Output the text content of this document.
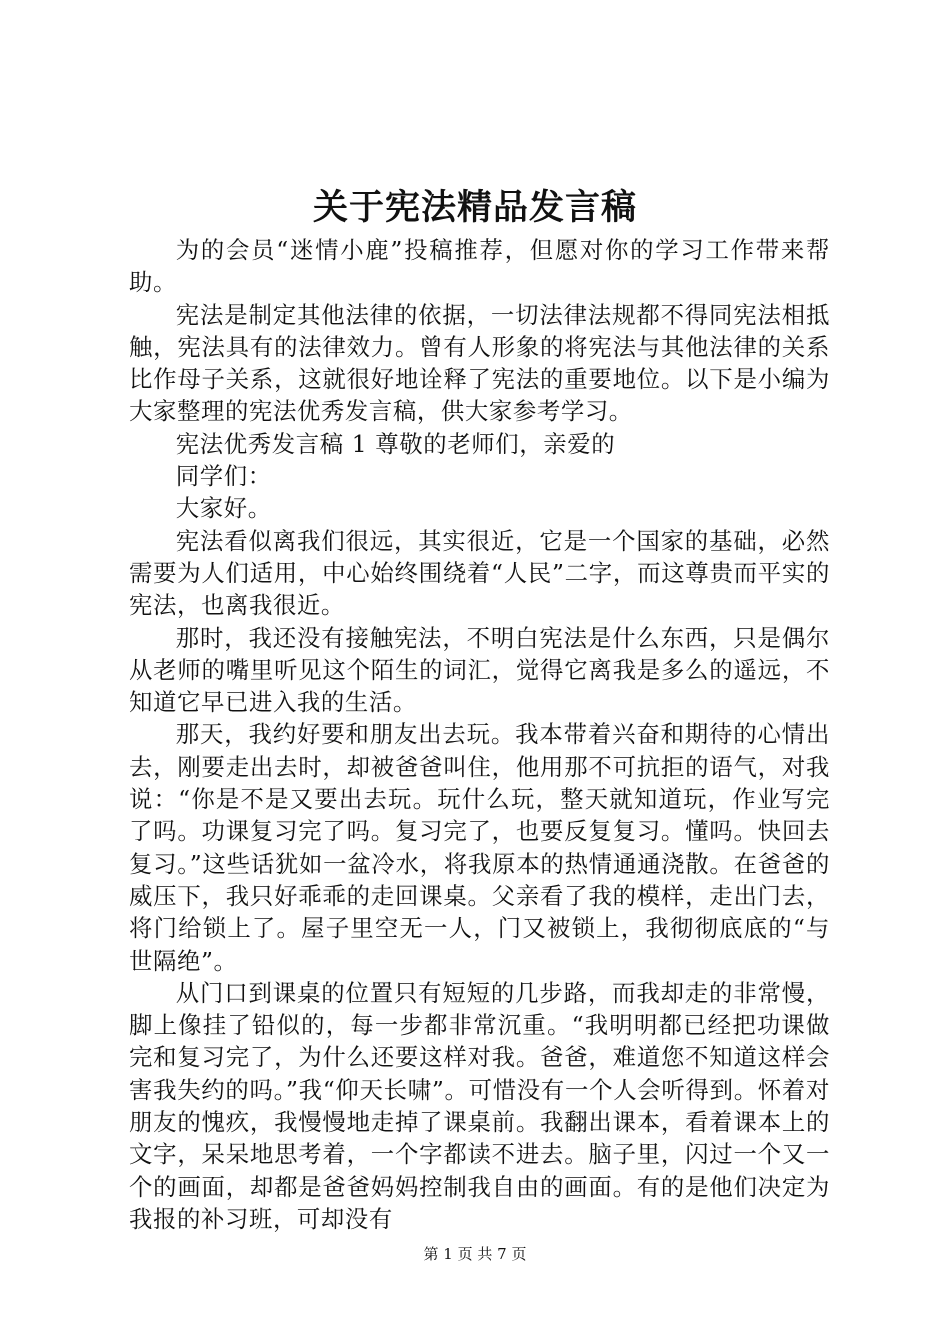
关于宪法精品发言稿

为的会员“迷情小鹿”投稿推荐，但愿对你的学习工作带来帮助。

宪法是制定其他法律的依据，一切法律法规都不得同宪法相抵触，宪法具有的法律效力。曾有人形象的将宪法与其他法律的关系比作母子关系，这就很好地诠释了宪法的重要地位。以下是小编为大家整理的宪法优秀发言稿，供大家参考学习。

宪法优秀发言稿 1 尊敬的老师们，亲爱的

同学们：

大家好。

宪法看似离我们很远，其实很近，它是一个国家的基础，必然需要为人们适用，中心始终围绕着“人民”二字，而这尊贵而平实的宪法，也离我很近。

那时，我还没有接触宪法，不明白宪法是什么东西，只是偶尔从老师的嘴里听见这个陌生的词汇，觉得它离我是多么的遥远，不知道它早已进入我的生活。

那天，我约好要和朋友出去玩。我本带着兴奋和期待的心情出去，刚要走出去时，却被爸爸叫住，他用那不可抗拒的语气，对我说：“你是不是又要出去玩。玩什么玩，整天就知道玩，作业写完了吗。功课复习完了吗。复习完了，也要反复复习。懂吗。快回去复习。”这些话犹如一盆冷水，将我原本的热情通通浇散。在爸爸的威压下，我只好乖乖的走回课桌。父亲看了我的模样，走出门去，将门给锁上了。屋子里空无一人，门又被锁上，我彻彻底底的“与世隔绝”。

从门口到课桌的位置只有短短的几步路，而我却走的非常慢，脚上像挂了铅似的，每一步都非常沉重。“我明明都已经把功课做完和复习完了，为什么还要这样对我。爸爸，难道您不知道这样会害我失约的吗。”我“仰天长啸”。可惜没有一个人会听得到。怀着对朋友的愧疚，我慢慢地走掉了课桌前。我翻出课本，看着课本上的文字，呆呆地思考着，一个字都读不进去。脑子里，闪过一个又一个的画面，却都是爸爸妈妈控制我自由的画面。有的是他们决定为我报的补习班，可却没有

第 1 页 共 7 页
